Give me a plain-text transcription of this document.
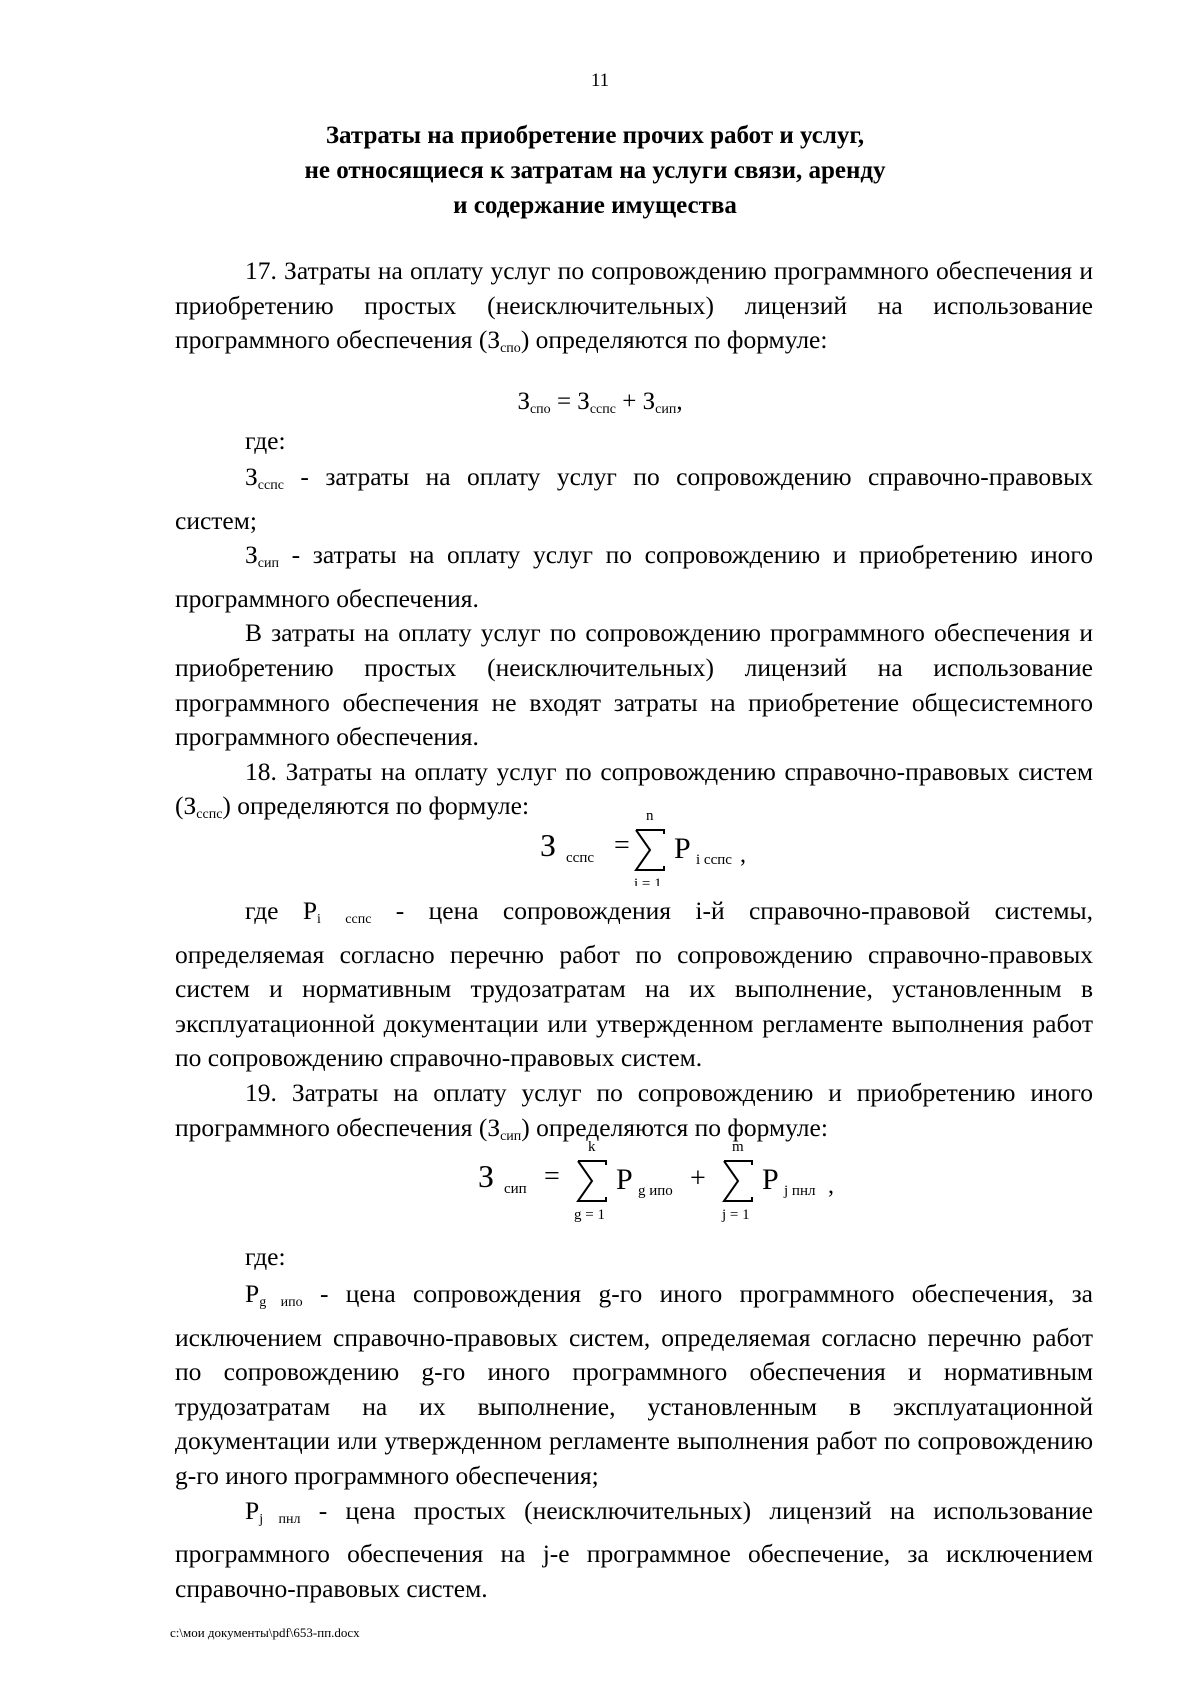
11
Затраты на приобретение прочих работ и услуг,
не относящиеся к затратам на услуги связи, аренду
и содержание имущества

17. Затраты на оплату услуг по сопровождению программного обеспечения и приобретению простых (неисключительных) лицензий на использование программного обеспечения $(З_{спо})$ определяются по формуле:

$З_{спо} = З_{сспс} + З_{сип}$,
где:

$З_{сспс}$ - затраты на оплату услуг по сопровождению справочно-правовых систем;

$З_{сип}$ - затраты на оплату услуг по сопровождению и приобретению иного программного обеспечения.

В затраты на оплату услуг по сопровождению программного обеспечения и приобретению простых (неисключительных) лицензий на использование программного обеспечения не входят затраты на приобретение общесистемного программного обеспечения.

18. Затраты на оплату услуг по сопровождению справочно-правовых систем $(З_{сспс})$ определяются по формуле:

З сспс =
n
i = 1
P i сспс ,

где $P_i$ $_{сспс}$ - цена сопровождения i-й справочно-правовой системы, определяемая согласно перечню работ по сопровождению справочно-правовых систем и нормативным трудозатратам на их выполнение, установленным в эксплуатационной документации или утвержденном регламенте выполнения работ по сопровождению справочно-правовых систем.

19. Затраты на оплату услуг по сопровождению и приобретению иного программного обеспечения $(З_{сип})$ определяются по формуле:

З сип =
k
g = 1
P g ипо +
m
j = 1
P j пнл ,
где:

$P_{g ипо}$ - цена сопровождения g-го иного программного обеспечения, за исключением справочно-правовых систем, определяемая согласно перечню работ по сопровождению g-го иного программного обеспечения и нормативным трудозатратам на их выполнение, установленным в эксплуатационной документации или утвержденном регламенте выполнения работ по сопровождению g-го иного программного обеспечения;

$P_{j пнл}$ - цена простых (неисключительных) лицензий на использование программного обеспечения на j-е программное обеспечение, за исключением справочно-правовых систем.

c:\мои документы\pdf\653-пп.docx
